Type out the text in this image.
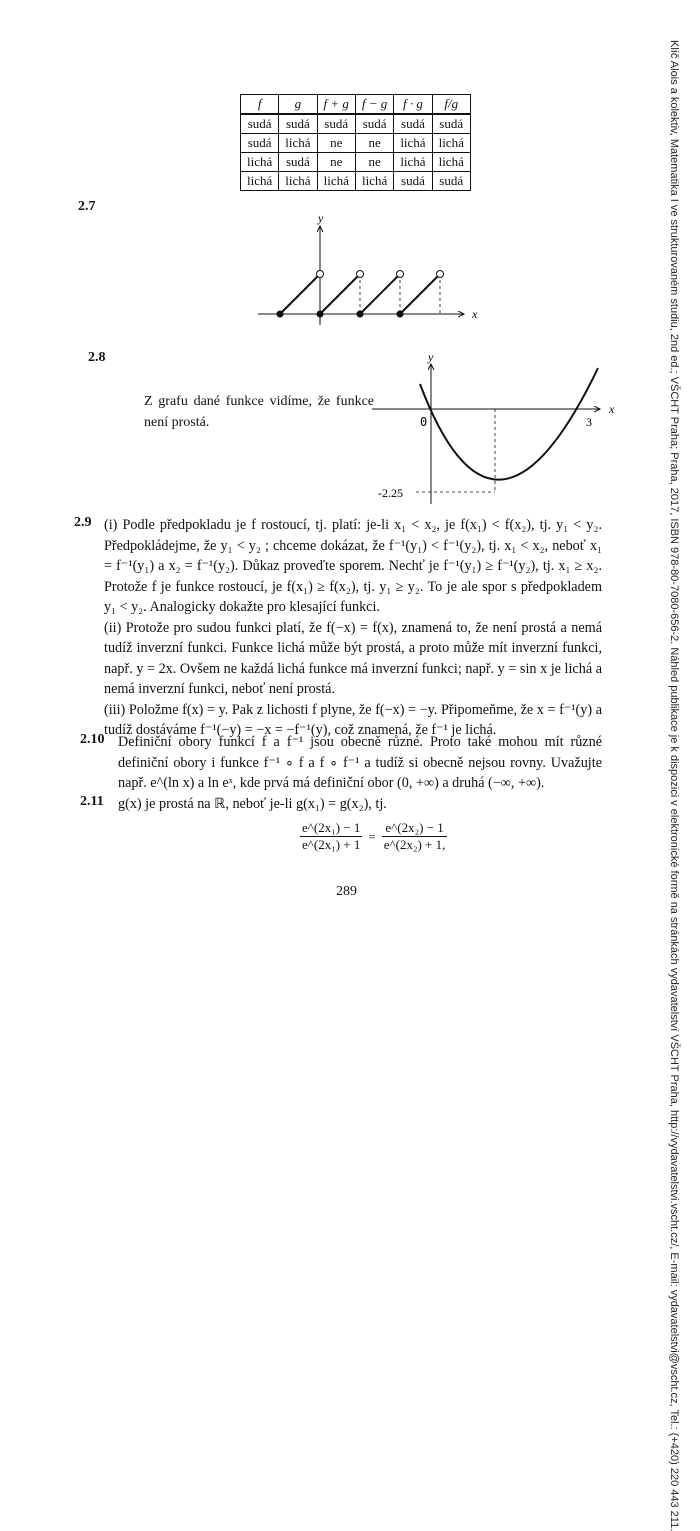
Klíč Alois a kolektiv, Matematika I ve strukturovaném studiu, 2nd ed.; VŠCHT Praha; Praha, 2017, ISBN 978-80-7080-656-2. Náhled publikace je k dispozici v elektronické formě na stránkách vydavatelství VŠCHT Praha, http://vydavatelstvi.vscht.cz/, E-mail: vydavatelstvi@vscht.cz, Tel.: (+420) 220 443 211.
f	g	f + g	f − g	f · g	f/g
sudá	sudá	sudá	sudá	sudá	sudá
sudá	lichá	ne	ne	lichá	lichá
lichá	sudá	ne	ne	lichá	lichá
lichá	lichá	lichá	lichá	sudá	sudá
2.7
y
x
2.8
Z grafu dané funkce vidíme, že funkce není prostá.
y
x
0	3
-2.25
2.9 (i) Podle předpokladu je f rostoucí, tj. platí: je-li x₁ < x₂, je f(x₁) < f(x₂), tj. y₁ < y₂. Předpokládejme, že y₁ < y₂ ; chceme dokázat, že f⁻¹(y₁) < f⁻¹(y₂), tj. x₁ < x₂, neboť x₁ = f⁻¹(y₁) a x₂ = f⁻¹(y₂). Důkaz proveďte sporem. Nechť je f⁻¹(y₁) ≥ f⁻¹(y₂), tj. x₁ ≥ x₂. Protože f je funkce rostoucí, je f(x₁) ≥ f(x₂), tj. y₁ ≥ y₂. To je ale spor s předpokladem y₁ < y₂. Analogicky dokažte pro klesající funkci.

(ii) Protože pro sudou funkci platí, že f(−x) = f(x), znamená to, že není prostá a nemá tudíž inverzní funkci. Funkce lichá může být prostá, a proto může mít inverzní funkci, např. y = 2x. Ovšem ne každá lichá funkce má inverzní funkci; např. y = sin x je lichá a nemá inverzní funkci, neboť není prostá.

(iii) Položme f(x) = y. Pak z lichosti f plyne, že f(−x) = −y. Připomeňme, že x = f⁻¹(y) a tudíž dostáváme f⁻¹(−y) = −x = −f⁻¹(y), což znamená, že f⁻¹ je lichá.

2.10 Definiční obory funkcí f a f⁻¹ jsou obecně různé. Proto také mohou mít různé definiční obory i funkce f⁻¹ ∘ f a f ∘ f⁻¹ a tudíž si obecně nejsou rovny. Uvažujte např. e^(ln x) a ln eˣ, kde prvá má definiční obor (0, +∞) a druhá (−∞, +∞).
2.11 g(x) je prostá na ℝ, neboť je-li g(x₁) = g(x₂), tj.
e^(2x₁) − 1
e^(2x₁) + 1
=
e^(2x₂) − 1
e^(2x₂) + 1,
289
